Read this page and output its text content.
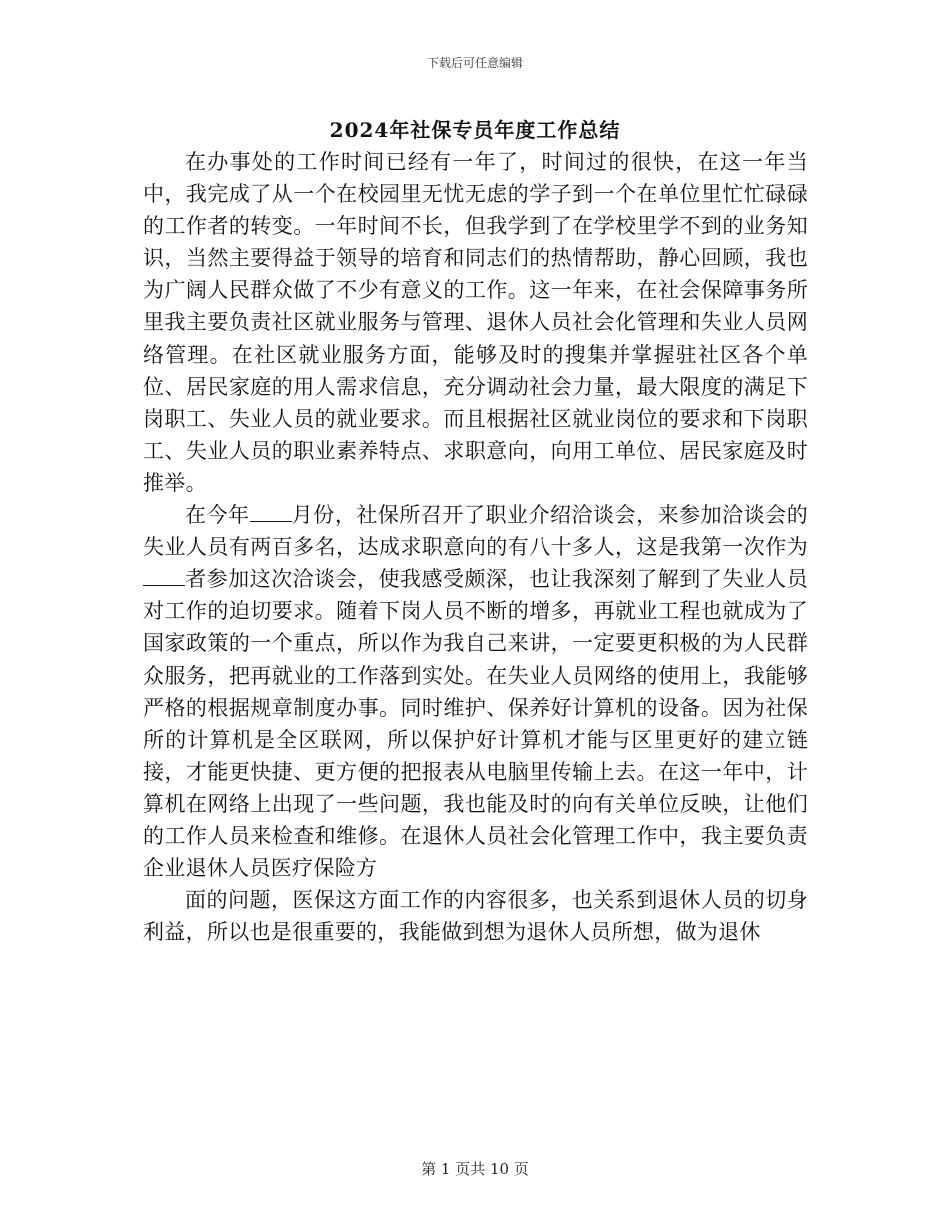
下载后可任意编辑
2024年社保专员年度工作总结

在办事处的工作时间已经有一年了，时间过的很快，在这一年当中，我完成了从一个在校园里无忧无虑的学子到一个在单位里忙忙碌碌的工作者的转变。一年时间不长，但我学到了在学校里学不到的业务知识，当然主要得益于领导的培育和同志们的热情帮助，静心回顾，我也为广阔人民群众做了不少有意义的工作。这一年来，在社会保障事务所里我主要负责社区就业服务与管理、退休人员社会化管理和失业人员网络管理。在社区就业服务方面，能够及时的搜集并掌握驻社区各个单位、居民家庭的用人需求信息，充分调动社会力量，最大限度的满足下岗职工、失业人员的就业要求。而且根据社区就业岗位的要求和下岗职工、失业人员的职业素养特点、求职意向，向用工单位、居民家庭及时推举。

在今年 月份，社保所召开了职业介绍洽谈会，来参加洽谈会的失业人员有两百多名，达成求职意向的有八十多人，这是我第一次作为者参加这次洽谈会，使我感受颇深，也让我深刻了解到了失业人员对工作的迫切要求。随着下岗人员不断的增多，再就业工程也就成为了国家政策的一个重点，所以作为我自己来讲，一定要更积极的为人民群众服务，把再就业的工作落到实处。在失业人员网络的使用上，我能够严格的根据规章制度办事。同时维护、保养好计算机的设备。因为社保所的计算机是全区联网，所以保护好计算机才能与区里更好的建立链接，才能更快捷、更方便的把报表从电脑里传输上去。在这一年中，计算机在网络上出现了一些问题，我也能及时的向有关单位反映，让他们的工作人员来检查和维修。在退休人员社会化管理工作中，我主要负责企业退休人员医疗保险方

面的问题，医保这方面工作的内容很多，也关系到退休人员的切身利益，所以也是很重要的，我能做到想为退休人员所想，做为退休

第 1 页共 10 页
